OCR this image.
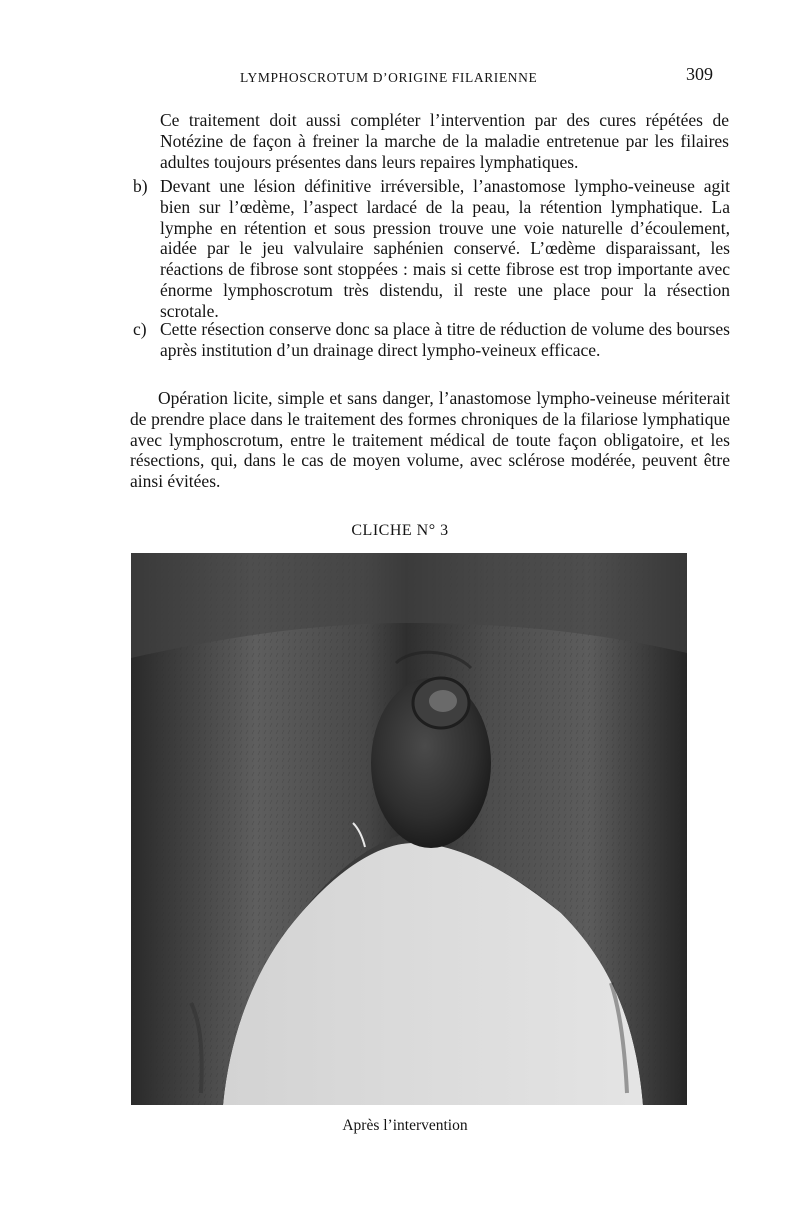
LYMPHOSCROTUM D’ORIGINE FILARIENNE	309
Ce traitement doit aussi compléter l’intervention par des cures répétées de Notézine de façon à freiner la marche de la maladie entretenue par les filaires adultes toujours présentes dans leurs repaires lymphatiques.
b) Devant une lésion définitive irréversible, l’anastomose lympho-veineuse agit bien sur l’œdème, l’aspect lardacé de la peau, la rétention lymphatique. La lymphe en rétention et sous pression trouve une voie naturelle d’écoulement, aidée par le jeu valvulaire saphénien conservé. L’œdème disparaissant, les réactions de fibrose sont stoppées : mais si cette fibrose est trop importante avec énorme lymphoscrotum très distendu, il reste une place pour la résection scrotale.
c) Cette résection conserve donc sa place à titre de réduction de volume des bourses après institution d’un drainage direct lympho-veineux efficace.
Opération licite, simple et sans danger, l’anastomose lympho-veineuse mériterait de prendre place dans le traitement des formes chroniques de la filariose lymphatique avec lymphoscrotum, entre le traitement médical de toute façon obligatoire, et les résections, qui, dans le cas de moyen volume, avec sclérose modérée, peuvent être ainsi évitées.
CLICHE N° 3
Après l’intervention
